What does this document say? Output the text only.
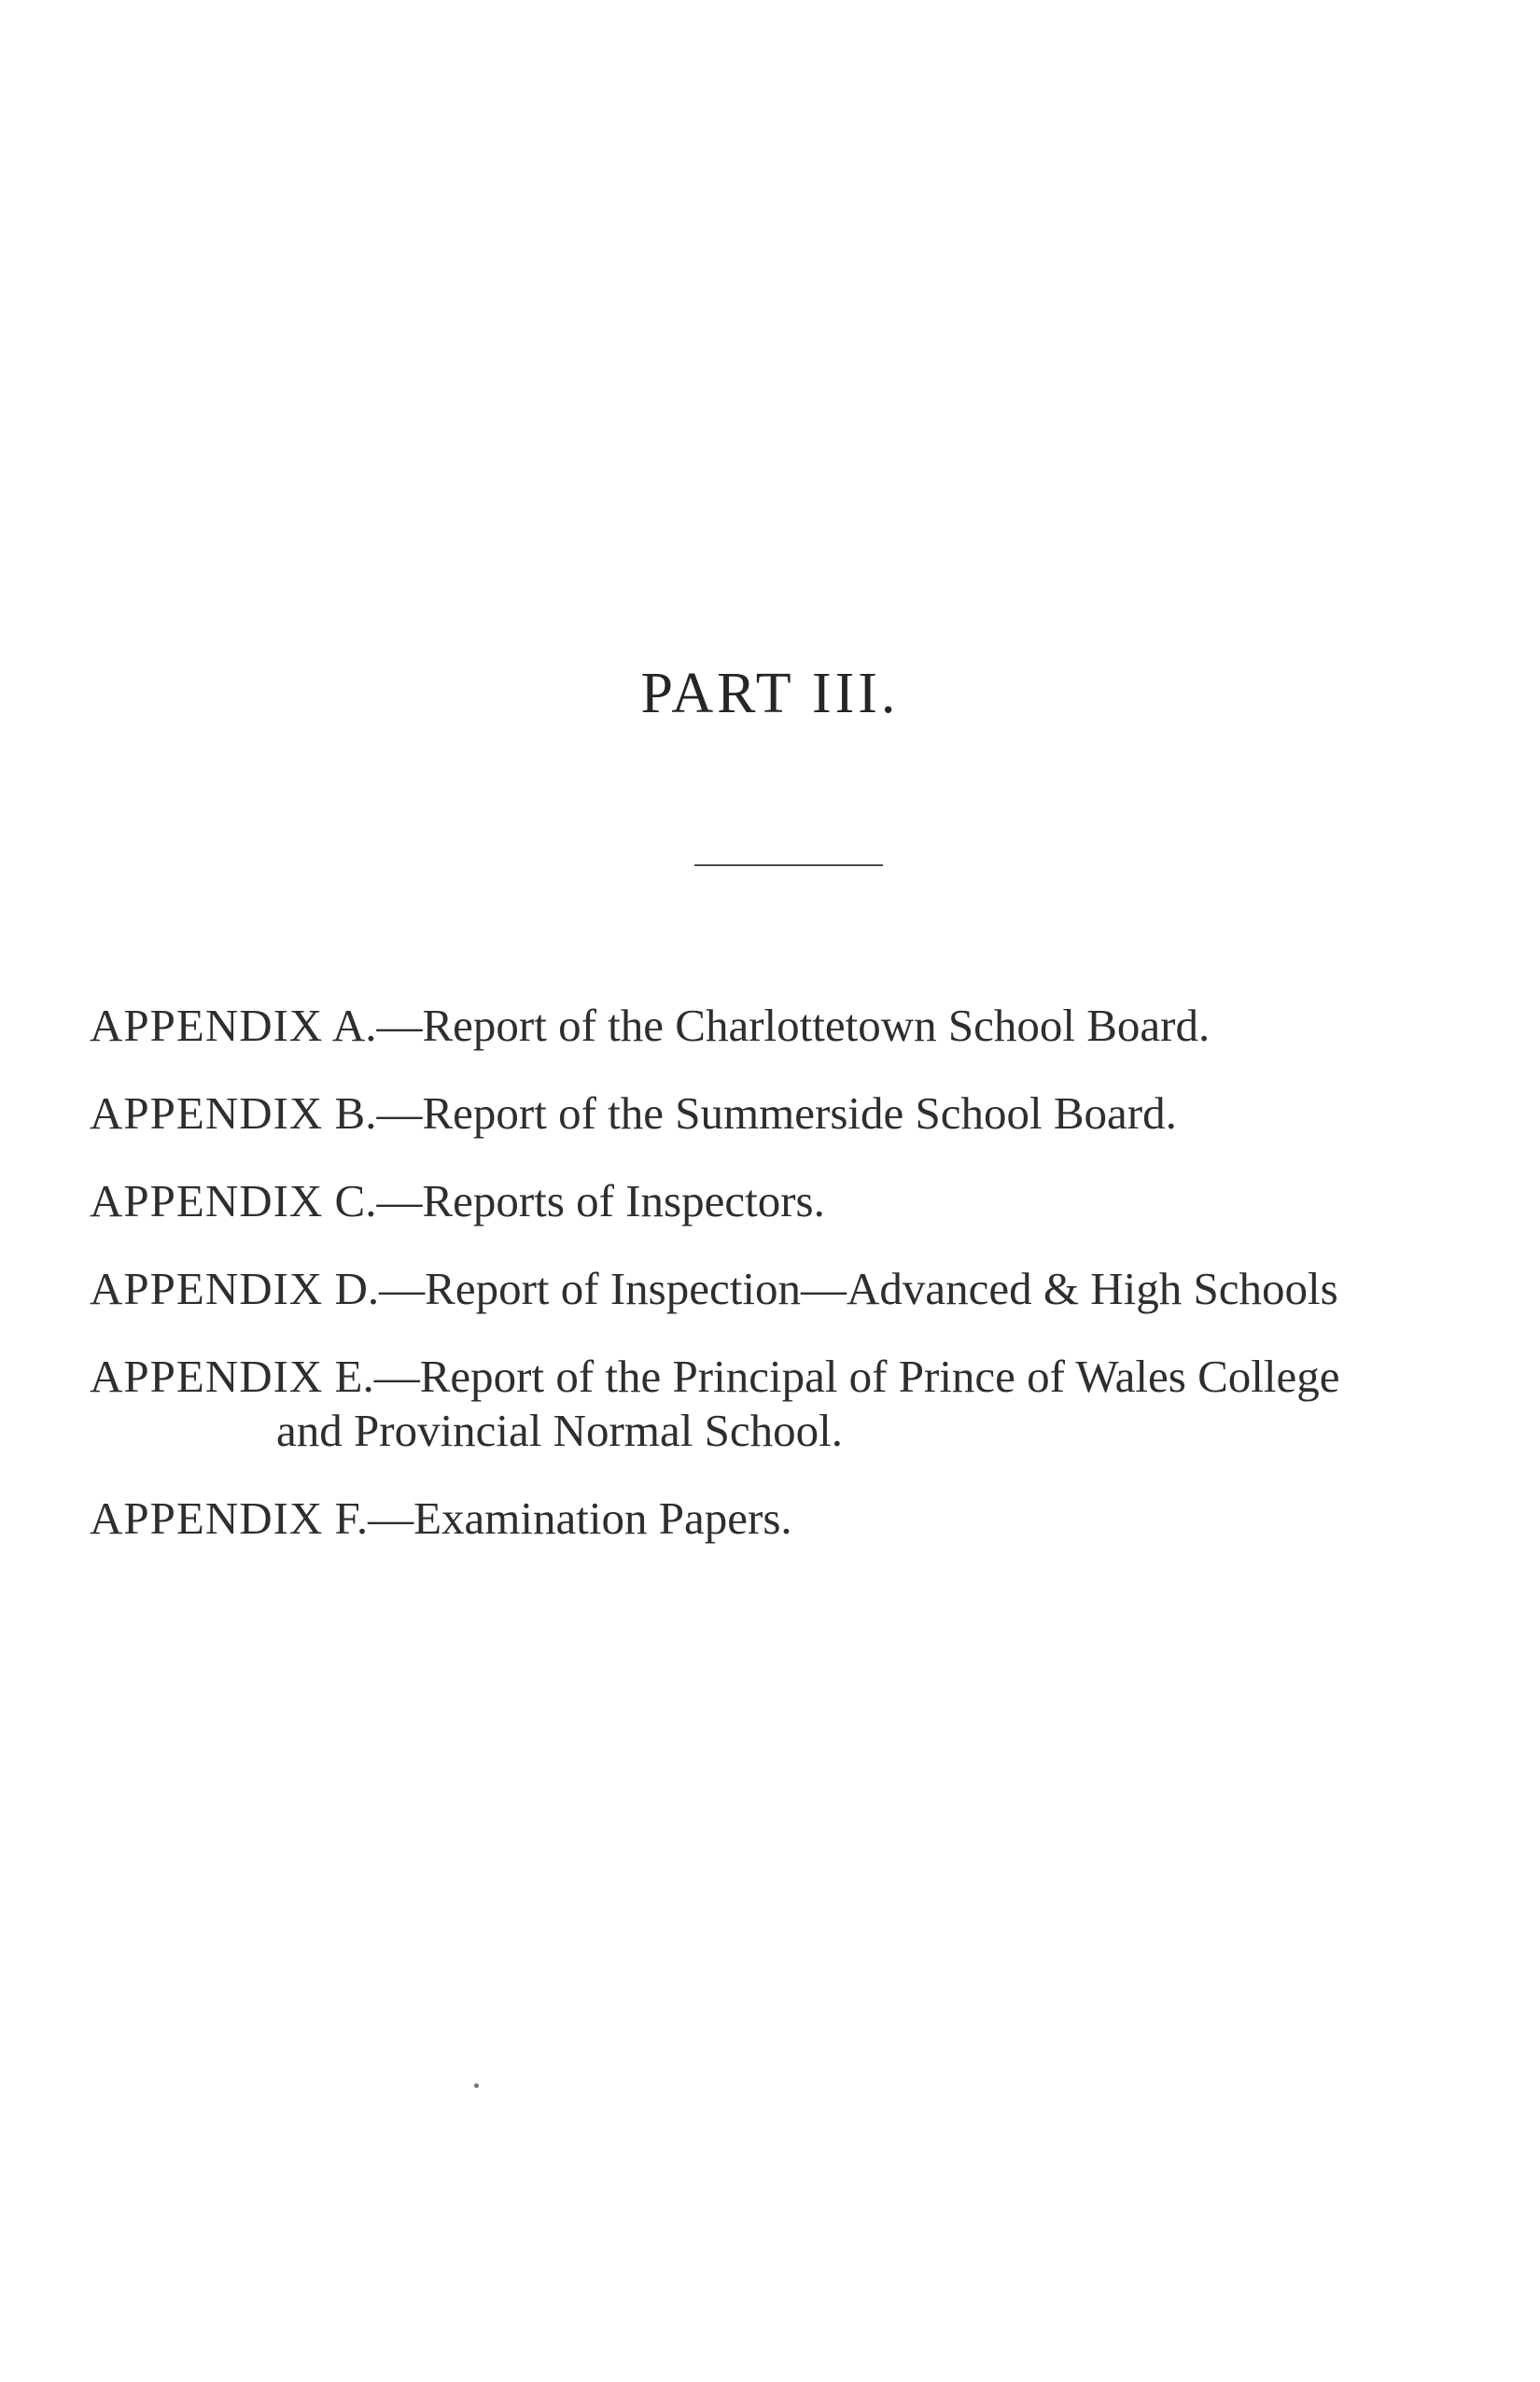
PART III.
APPENDIX A.—Report of the Charlottetown School Board.
APPENDIX B.—Report of the Summerside School Board.
APPENDIX C.—Reports of Inspectors.
APPENDIX D.—Report of Inspection—Advanced & High Schools
APPENDIX E.—Report of the Principal of Prince of Wales College
and Provincial Normal School.
APPENDIX F.—Examination Papers.
